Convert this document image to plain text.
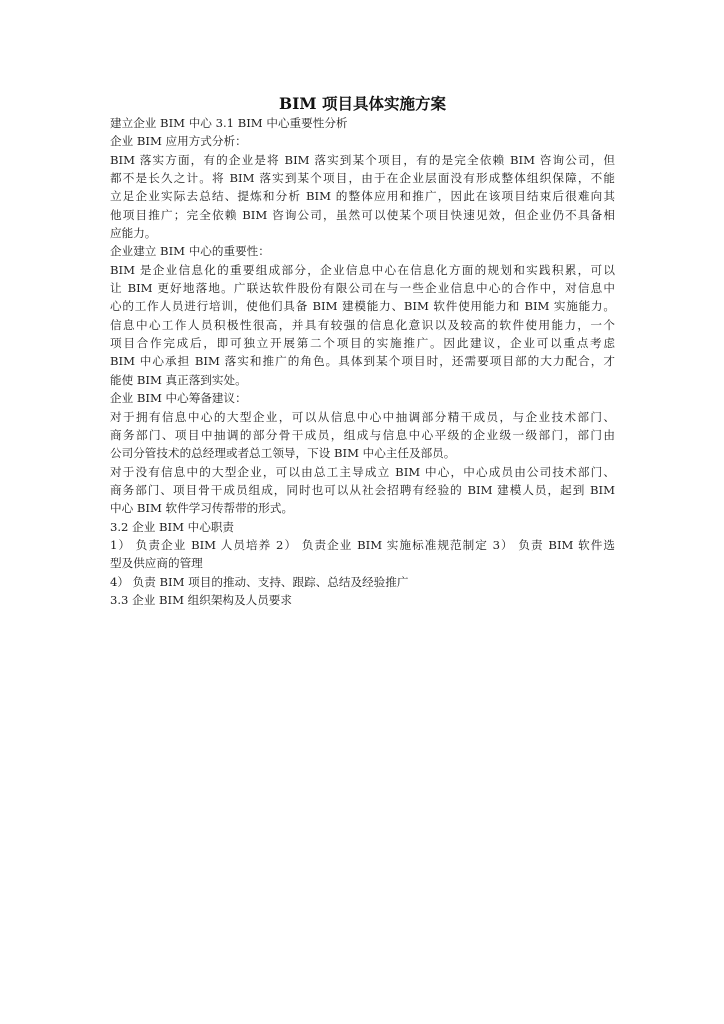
BIM 项目具体实施方案
建立企业 BIM 中心 3.1 BIM 中心重要性分析
企业 BIM 应用方式分析：
BIM 落实方面，有的企业是将 BIM 落实到某个项目，有的是完全依赖 BIM 咨询公司，但
都不是长久之计。将 BIM 落实到某个项目，由于在企业层面没有形成整体组织保障，不能
立足企业实际去总结、提炼和分析 BIM 的整体应用和推广，因此在该项目结束后很难向其
他项目推广；完全依赖 BIM 咨询公司，虽然可以使某个项目快速见效，但企业仍不具备相
应能力。
企业建立 BIM 中心的重要性：
BIM 是企业信息化的重要组成部分，企业信息中心在信息化方面的规划和实践积累，可以
让 BIM 更好地落地。广联达软件股份有限公司在与一些企业信息中心的合作中，对信息中
心的工作人员进行培训，使他们具备 BIM 建模能力、BIM 软件使用能力和 BIM 实施能力。
信息中心工作人员积极性很高，并具有较强的信息化意识以及较高的软件使用能力，一个
项目合作完成后，即可独立开展第二个项目的实施推广。因此建议，企业可以重点考虑
BIM 中心承担 BIM 落实和推广的角色。具体到某个项目时，还需要项目部的大力配合，才
能使 BIM 真正落到实处。
企业 BIM 中心筹备建议：
对于拥有信息中心的大型企业，可以从信息中心中抽调部分精干成员，与企业技术部门、
商务部门、项目中抽调的部分骨干成员，组成与信息中心平级的企业级一级部门，部门由
公司分管技术的总经理或者总工领导，下设 BIM 中心主任及部员。
对于没有信息中的大型企业，可以由总工主导成立 BIM 中心，中心成员由公司技术部门、
商务部门、项目骨干成员组成，同时也可以从社会招聘有经验的 BIM 建模人员，起到 BIM
中心 BIM 软件学习传帮带的形式。
3.2 企业 BIM 中心职责
1） 负责企业 BIM 人员培养 2） 负责企业 BIM 实施标准规范制定 3） 负责 BIM 软件选
型及供应商的管理
4） 负责 BIM 项目的推动、支持、跟踪、总结及经验推广
3.3 企业 BIM 组织架构及人员要求
